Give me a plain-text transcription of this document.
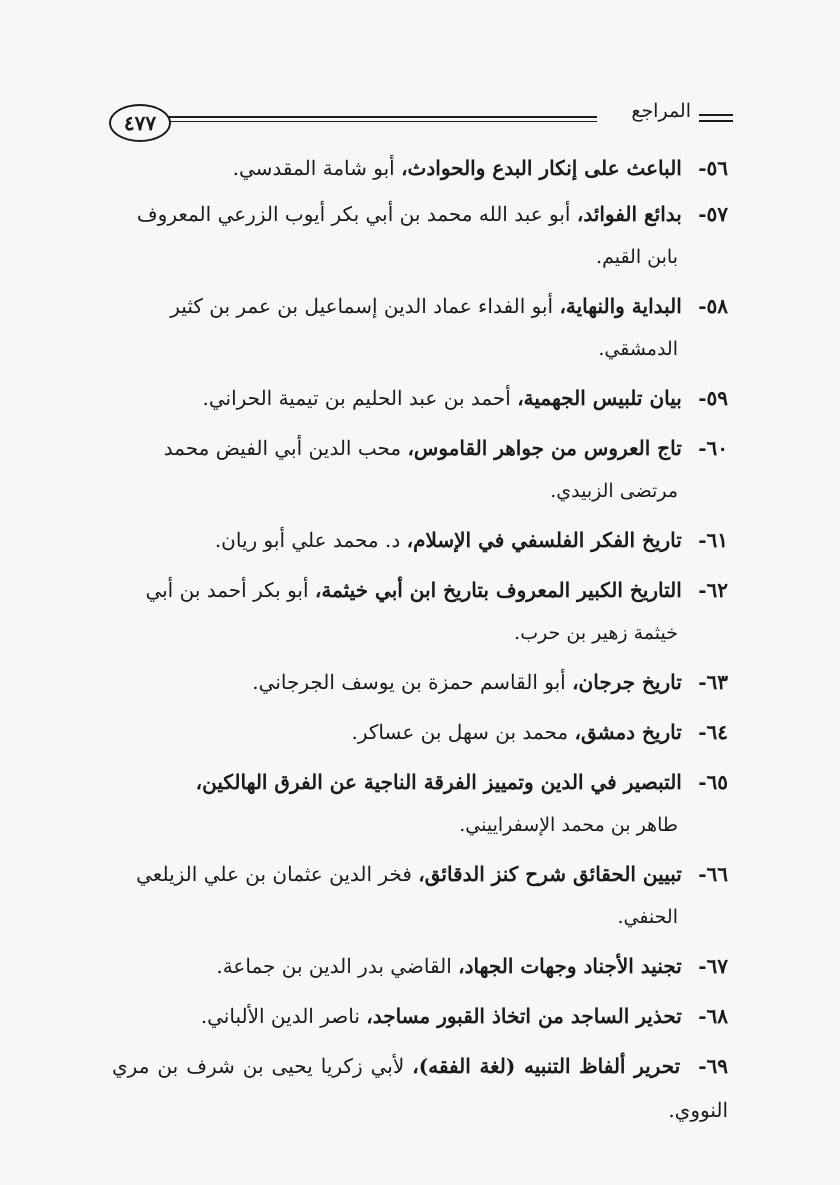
٤٧٧	المراجع
٥٦- الباعث على إنكار البدع والحوادث، أبو شامة المقدسي.
٥٧- بدائع الفوائد، أبو عبد الله محمد بن أبي بكر أيوب الزرعي المعروف
بابن القيم.
٥٨- البداية والنهاية، أبو الفداء عماد الدين إسماعيل بن عمر بن كثير
الدمشقي.
٥٩- بيان تلبيس الجهمية، أحمد بن عبد الحليم بن تيمية الحراني.
٦٠- تاج العروس من جواهر القاموس، محب الدين أبي الفيض محمد
مرتضى الزبيدي.
٦١- تاريخ الفكر الفلسفي في الإسلام، د. محمد علي أبو ريان.
٦٢- التاريخ الكبير المعروف بتاريخ ابن أبي خيثمة، أبو بكر أحمد بن أبي
خيثمة زهير بن حرب.
٦٣- تاريخ جرجان، أبو القاسم حمزة بن يوسف الجرجاني.
٦٤- تاريخ دمشق، محمد بن سهل بن عساكر.
٦٥- التبصير في الدين وتمييز الفرقة الناجية عن الفرق الهالكين،
طاهر بن محمد الإسفراييني.
٦٦- تبيين الحقائق شرح كنز الدقائق، فخر الدين عثمان بن علي الزيلعي
الحنفي.
٦٧- تجنيد الأجناد وجهات الجهاد، القاضي بدر الدين بن جماعة.
٦٨- تحذير الساجد من اتخاذ القبور مساجد، ناصر الدين الألباني.
٦٩- تحرير ألفاظ التنبيه (لغة الفقه)، لأبي زكريا يحيى بن شرف بن مري النووي.
